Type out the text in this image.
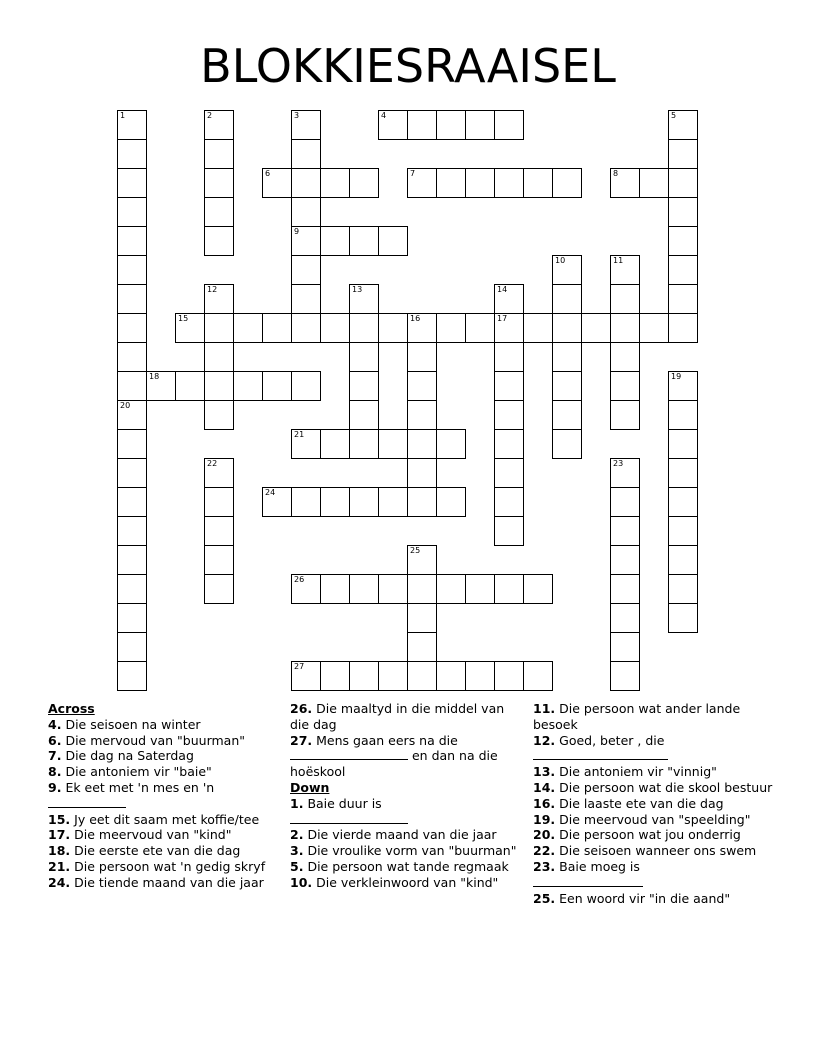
BLOKKIESRAAISEL
4
6	7	8
9
15	16	17
18
21
24
26
27
1	2	3	5
10	11
12	13	14
19
20
22	23
25
Across
4. Die seisoen na winter
6. Die mervoud van "buurman"
7. Die dag na Saterdag
8. Die antoniem vir "baie"
9. Ek eet met 'n mes en 'n

15. Jy eet dit saam met koffie/tee
17. Die meervoud van "kind"
18. Die eerste ete van die dag
21. Die persoon wat 'n gedig skryf
24. Die tiende maand van die jaar
26. Die maaltyd in die middel van die dag
27. Mens gaan eers na die
en dan na die hoëskool
Down
1. Baie duur is

2. Die vierde maand van die jaar
3. Die vroulike vorm van "buurman"
5. Die persoon wat tande regmaak
10. Die verkleinwoord van "kind"
11. Die persoon wat ander lande besoek
12. Goed, beter , die

13. Die antoniem vir "vinnig"
14. Die persoon wat die skool bestuur
16. Die laaste ete van die dag
19. Die meervoud van "speelding"
20. Die persoon wat jou onderrig
22. Die seisoen wanneer ons swem
23. Baie moeg is

25. Een woord vir "in die aand"
